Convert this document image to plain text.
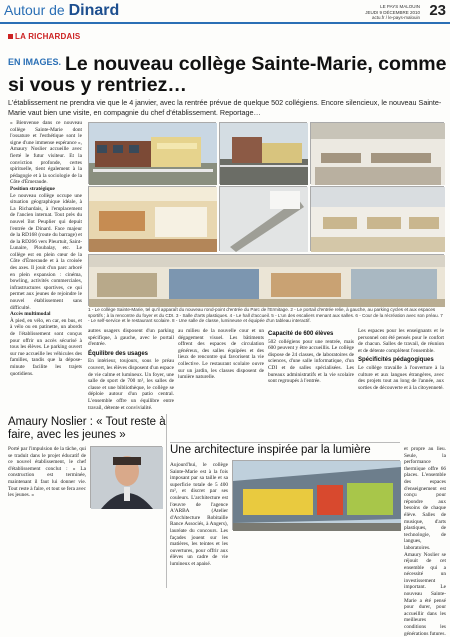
Autour de Dinard	LE PAYS MALOUIN
JEUDI 9 DÉCEMBRE 2010
actu.fr / le-pays-malouin 23
LA RICHARDAIS
$^{EN IMAGES.}$ Le nouveau collège Sainte-Marie, comme si vous y rentriez…
L'établissement ne prendra vie que le 4 janvier, avec la rentrée prévue de quelque 502 collégiens. Encore silencieux, le nouveau Sainte-Marie vaut bien une visite, en compagnie du chef d'établissement. Reportage…

« Bienvenue dans ce nouveau collège Sainte-Marie dont l'ossature et l'esthétique sont le signe d'une immense espérance », Amaury Noslier accueille avec fierté le futur visiteur. Et la conviction profonde, certes spirituelle, tient également à la pédagogie et à la sociologie de la Côte d'Émeraude.

Position stratégique

Le nouveau collège occupe une situation géographique idéale, à La Richardais, à l'emplacement de l'ancien internat. Tout près du nouvel îlot Peuplier qui depuit l'entrée de Dinard. Face majeur de la RD168 (route du barrage) et de la RD266 vers Pleurtuit, Saint-Lunaire, Ploubalay, etc. Le collège est en plein cœur de la Côte d'Émeraude et à la croisée des axes. Il jouit d'un parc arboré en plein expansion : cinéma, bowling, activités commerciales, infrastructures sportives, ce qui permet aux jeunes de rejoindre le nouvel établissement sans difficulté.

Accès multimodal

À pied, en vélo, en car, en bus, et à vélo ou en patinette, un abords de l'établissement sont conçus pour offrir un accès sécurisé à tous les élèves. Le parking ouvert sur rue accueille les véhicules des familles, tandis que la dépose-minute facilite les trajets quotidiens.

1 - Le collège Sainte-Marie, tel qu'il apparaît du nouveau rond-point d'entrée du Parc de l'Ermitage. 2 - Le portail d'entrée relie, à gauche, au parking cycles et aux espaces sportifs ; à la rencontre du foyer et du CDI. 3 - Salle d'arts plastiques. 4 - Le hall d'accueil. 5 - L'un des escaliers menant aux salles. 6 - Cour de la récréation avec son préau. 7 - Le self-service et le restaurant scolaire. 8 - Une salle de classe, lumineuse et équipée d'un tableau interactif.

autres usagers disposent d'un parking spécifique, à gauche, avec le portail d'entrée.

Équilibre des usages

En intérieur, toujours, sous le préau couvert, les élèves disposent d'un espace de vie calme et lumineux. Un foyer, une salle de sport de 700 m², les salles de classe et une bibliothèque, le collège se déploie autour d'un patio central. L'ensemble offre un équilibre entre travail, détente et convivialité.

au milieu de la nouvelle cour et un dégagement visuel. Les bâtiments offrent des espaces de circulation généreux, des salles équipées et des lieux de rencontre qui favorisent la vie collective. Le restaurant scolaire ouvre sur un jardin, les classes disposent de lumière naturelle.

Capacité de 600 élèves

502 collégiens pour une rentrée, mais 600 peuvent y être accueillis. Le collège dispose de 24 classes, de laboratoires de sciences, d'une salle informatique, d'un CDI et de salles spécialisées. Les bureaux administratifs et la vie scolaire sont regroupés à l'entrée.

Les espaces pour les enseignants et le personnel ont été pensés pour le confort de chacun. Salles de travail, de réunion et de détente complètent l'ensemble.

Spécificités pédagogiques

Le collège travaille à l'ouverture à la culture et aux langues étrangères, avec des projets tout au long de l'année, aux sorties de découverte et à la citoyenneté.

et propre au lieu. Seule, la performance thermique offre 66 places. L'ensemble des espaces d'enseignement est conçu pour répondre aux besoins de chaque élève. Salles de musique, d'arts plastiques, de technologie, de langues, laboratoires. Amaury Noslier se réjouit de cet ensemble qui a nécessité un investissement important. Le nouveau Sainte-Marie a été pensé pour durer, pour accueillir dans les meilleures conditions les générations futures.

Amaury Noslier : « Tout reste à faire, avec les jeunes »

Porté par l'impulsion de la tâche, qui se traduit dans le projet éducatif de ce nouvel établissement, le chef d'établissement conclut : « La construction est terminée, maintenant il faut lui donner vie. Tout reste à faire, et tout se fera avec les jeunes. »

Une architecture inspirée par la lumière

Aujourd'hui, le collège Sainte-Marie est à la fois imposant par sa taille et sa superficie totale de 5 400 m², et discret par ses couleurs. L'architecture est l'œuvre de l'agence A'ARBA (Atelier d'Architecture Robitaille Rance Associés, à Angers), lauréate du concours. Les façades jouent sur les matières, les teintes et les ouvertures, pour offrir aux élèves un cadre de vie lumineux et apaisé.
